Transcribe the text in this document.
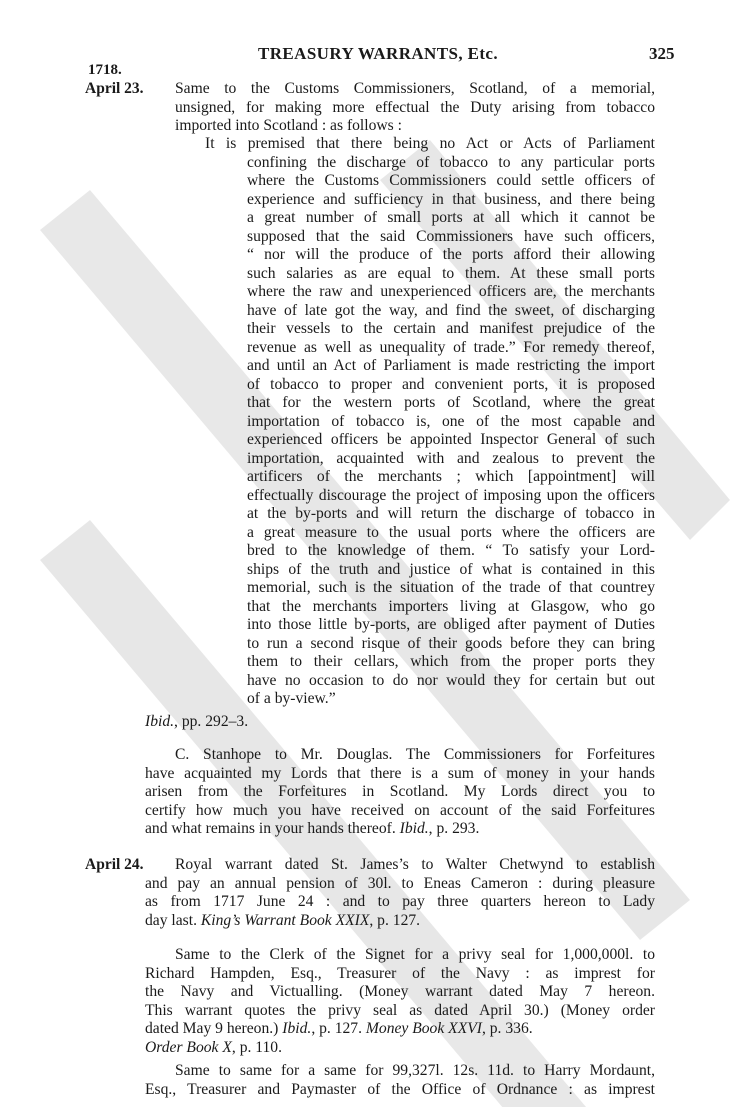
TREASURY WARRANTS, Etc.	325
1718.
April 23. Same to the Customs Commissioners, Scotland, of a memorial,
unsigned, for making more effectual the Duty arising from tobacco
imported into Scotland : as follows :
It is premised that there being no Act or Acts of Parliament
confining the discharge of tobacco to any particular ports
where the Customs Commissioners could settle officers of
experience and sufficiency in that business, and there being
a great number of small ports at all which it cannot be
supposed that the said Commissioners have such officers,
“ nor will the produce of the ports afford their allowing
such salaries as are equal to them. At these small ports
where the raw and unexperienced officers are, the merchants
have of late got the way, and find the sweet, of discharging
their vessels to the certain and manifest prejudice of the
revenue as well as unequality of trade.” For remedy thereof,
and until an Act of Parliament is made restricting the import
of tobacco to proper and convenient ports, it is proposed
that for the western ports of Scotland, where the great
importation of tobacco is, one of the most capable and
experienced officers be appointed Inspector General of such
importation, acquainted with and zealous to prevent the
artificers of the merchants ; which [appointment] will
effectually discourage the project of imposing upon the officers
at the by-ports and will return the discharge of tobacco in
a great measure to the usual ports where the officers are
bred to the knowledge of them. “ To satisfy your Lord-
ships of the truth and justice of what is contained in this
memorial, such is the situation of the trade of that countrey
that the merchants importers living at Glasgow, who go
into those little by-ports, are obliged after payment of Duties
to run a second risque of their goods before they can bring
them to their cellars, which from the proper ports they
have no occasion to do nor would they for certain but out
of a by-view.”
Ibid., pp. 292–3.
C. Stanhope to Mr. Douglas. The Commissioners for Forfeitures
have acquainted my Lords that there is a sum of money in your hands
arisen from the Forfeitures in Scotland. My Lords direct you to
certify how much you have received on account of the said Forfeitures
and what remains in your hands thereof. Ibid., p. 293.
April 24.	Royal warrant dated St. James’s to Walter Chetwynd to establish
and pay an annual pension of 30l. to Eneas Cameron : during pleasure
as from 1717 June 24 : and to pay three quarters hereon to Lady
day last. King’s Warrant Book XXIX, p. 127.
Same to the Clerk of the Signet for a privy seal for 1,000,000l. to
Richard Hampden, Esq., Treasurer of the Navy : as imprest for
the Navy and Victualling. (Money warrant dated May 7 hereon.
This warrant quotes the privy seal as dated April 30.) (Money order
dated May 9 hereon.) Ibid., p. 127. Money Book XXVI, p. 336.
Order Book X, p. 110.
Same to same for a same for 99,327l. 12s. 11d. to Harry Mordaunt,
Esq., Treasurer and Paymaster of the Office of Ordnance : as imprest
